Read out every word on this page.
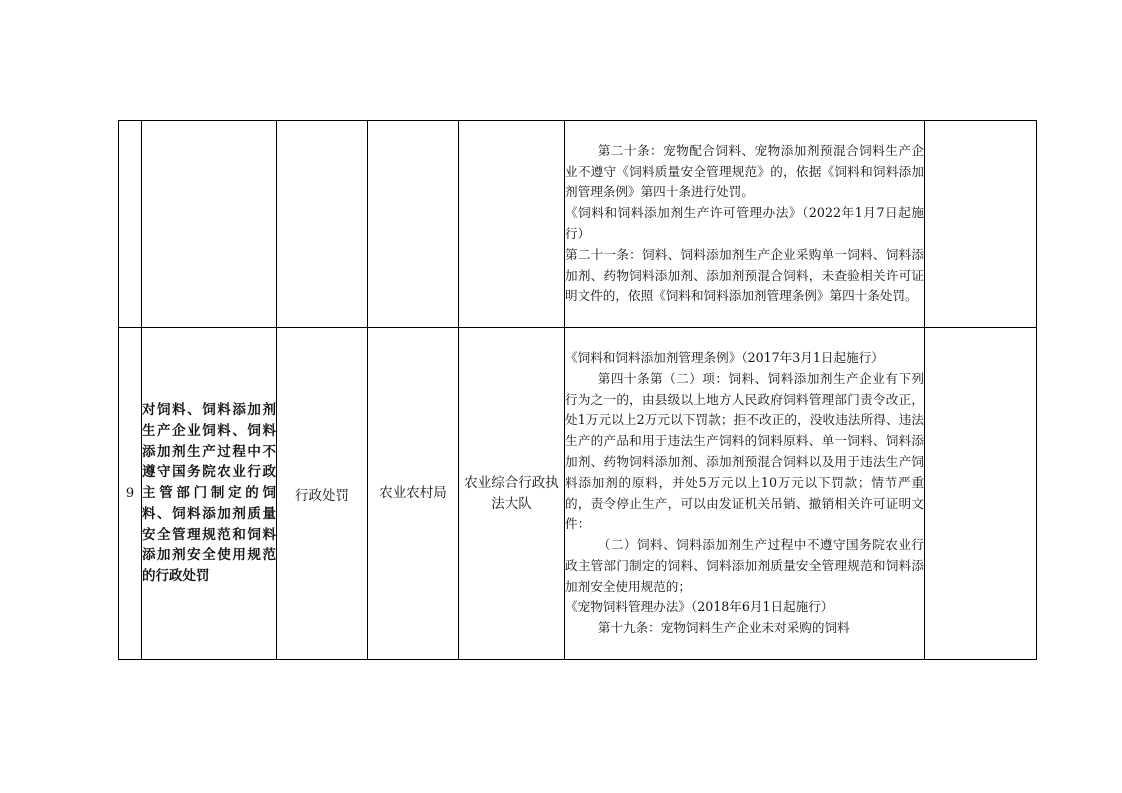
					第二十条：宠物配合饲料、宠物添加剂预混合饲料生产企业不遵守《饲料质量安全管理规范》的，依据《饲料和饲料添加剂管理条例》第四十条进行处罚。

《饲料和饲料添加剂生产许可管理办法》（2022年1月7日起施行）

第二十一条：饲料、饲料添加剂生产企业采购单一饲料、饲料添加剂、药物饲料添加剂、添加剂预混合饲料，未查验相关许可证明文件的，依照《饲料和饲料添加剂管理条例》第四十条处罚。	

9	对饲料、饲料添加剂生产企业饲料、饲料添加剂生产过程中不遵守国务院农业行政主管部门制定的饲料、饲料添加剂质量安全管理规范和饲料添加剂安全使用规范的行政处罚	行政处罚	农业农村局	农业综合行政执法大队	《饲料和饲料添加剂管理条例》（2017年3月1日起施行）

第四十条第（二）项：饲料、饲料添加剂生产企业有下列行为之一的，由县级以上地方人民政府饲料管理部门责令改正，处1万元以上2万元以下罚款；拒不改正的，没收违法所得、违法生产的产品和用于违法生产饲料的饲料原料、单一饲料、饲料添加剂、药物饲料添加剂、添加剂预混合饲料以及用于违法生产饲料添加剂的原料，并处5万元以上10万元以下罚款；情节严重的，责令停止生产，可以由发证机关吊销、撤销相关许可证明文件：

（二）饲料、饲料添加剂生产过程中不遵守国务院农业行政主管部门制定的饲料、饲料添加剂质量安全管理规范和饲料添加剂安全使用规范的；

《宠物饲料管理办法》（2018年6月1日起施行）

第十九条：宠物饲料生产企业未对采购的饲料	
